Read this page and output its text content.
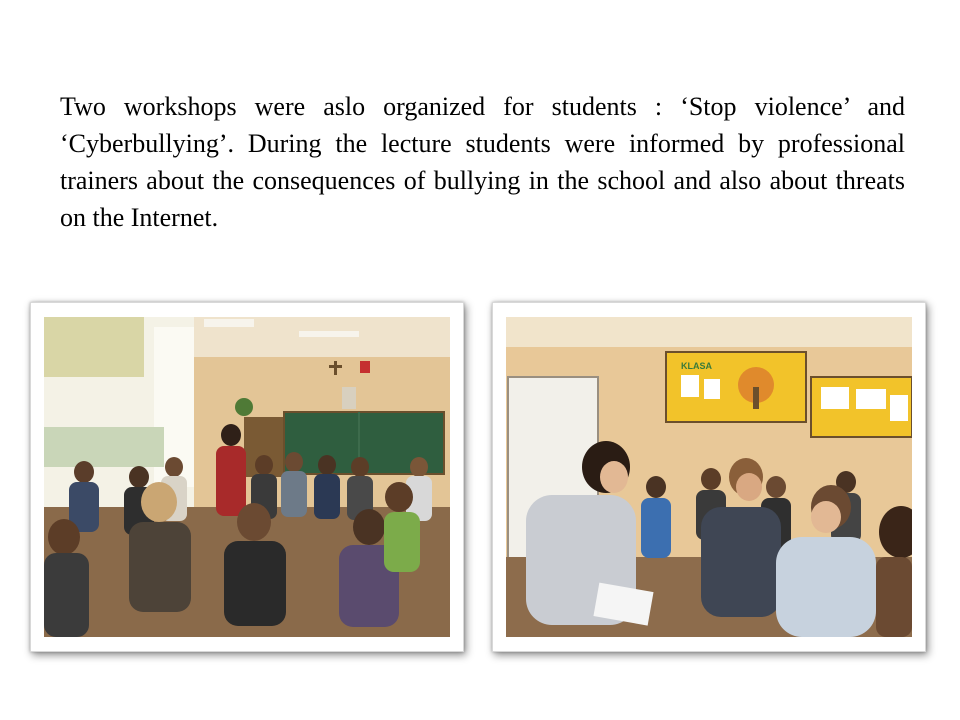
Two workshops were aslo organized for students : ‘Stop violence’ and ‘Cyberbullying’. During the lecture students were informed by professional trainers about the consequences of bullying in the school and also about threats on the Internet.

KLASA
